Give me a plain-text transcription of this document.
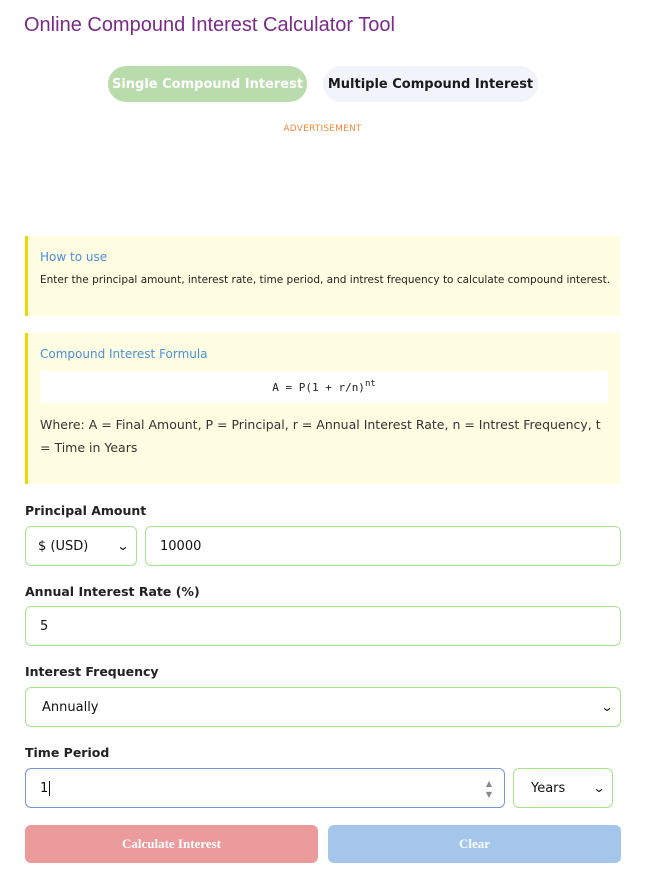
Online Compound Interest Calculator Tool
Single Compound Interest	Multiple Compound Interest
ADVERTISEMENT
How to use
Enter the principal amount, interest rate, time period, and intrest frequency to calculate compound interest.
Compound Interest Formula
$A = P(1 + r/n)^{nt}$
Where: A = Final Amount, P = Principal, r = Annual Interest Rate, n = Intrest Frequency, t = Time in Years
Principal Amount
$ (USD) ⌄ 10000
Annual Interest Rate (%)
5
Interest Frequency
Annually	⌄
Time Period
1	▲
▼	Years ⌄
Calculate Interest	Clear
